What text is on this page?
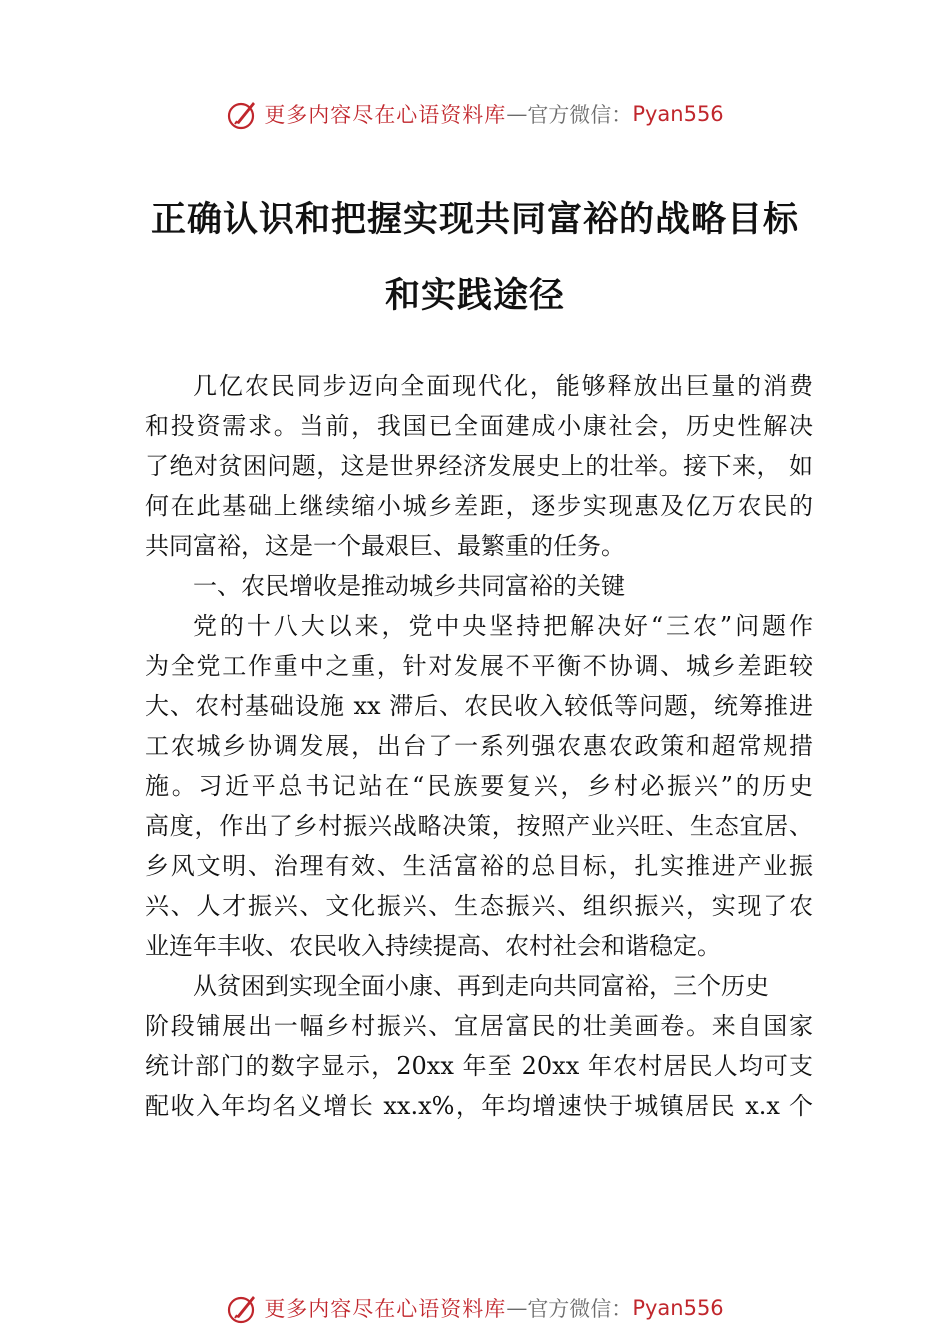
更多内容尽在心语资料库 — 官方微信： Pyan556
正确认识和把握实现共同富裕的战略目标
和实践途径

几亿农民同步迈向全面现代化，能够释放出巨量的消费
和投资需求。当前，我国已全面建成小康社会，历史性解决
了绝对贫困问题，这是世界经济发展史上的壮举。接下来， 如
何在此基础上继续缩小城乡差距，逐步实现惠及亿万农民的
共同富裕，这是一个最艰巨、最繁重的任务。

一、农民增收是推动城乡共同富裕的关键

党的十八大以来，党中央坚持把解决好“三农”问题作
为全党工作重中之重，针对发展不平衡不协调、城乡差距较
大、农村基础设施 xx 滞后、农民收入较低等问题，统筹推进
工农城乡协调发展，出台了一系列强农惠农政策和超常规措
施。习近平总书记站在“民族要复兴，乡村必振兴”的历史
高度，作出了乡村振兴战略决策，按照产业兴旺、生态宜居、
乡风文明、治理有效、生活富裕的总目标，扎实推进产业振
兴、人才振兴、文化振兴、生态振兴、组织振兴，实现了农
业连年丰收、农民收入持续提高、农村社会和谐稳定。

从贫困到实现全面小康、再到走向共同富裕，三个历史
阶段铺展出一幅乡村振兴、宜居富民的壮美画卷。来自国家
统计部门的数字显示，20xx 年至 20xx 年农村居民人均可支
配收入年均名义增长 xx.x%，年均增速快于城镇居民 x.x 个

更多内容尽在心语资料库 — 官方微信： Pyan556
